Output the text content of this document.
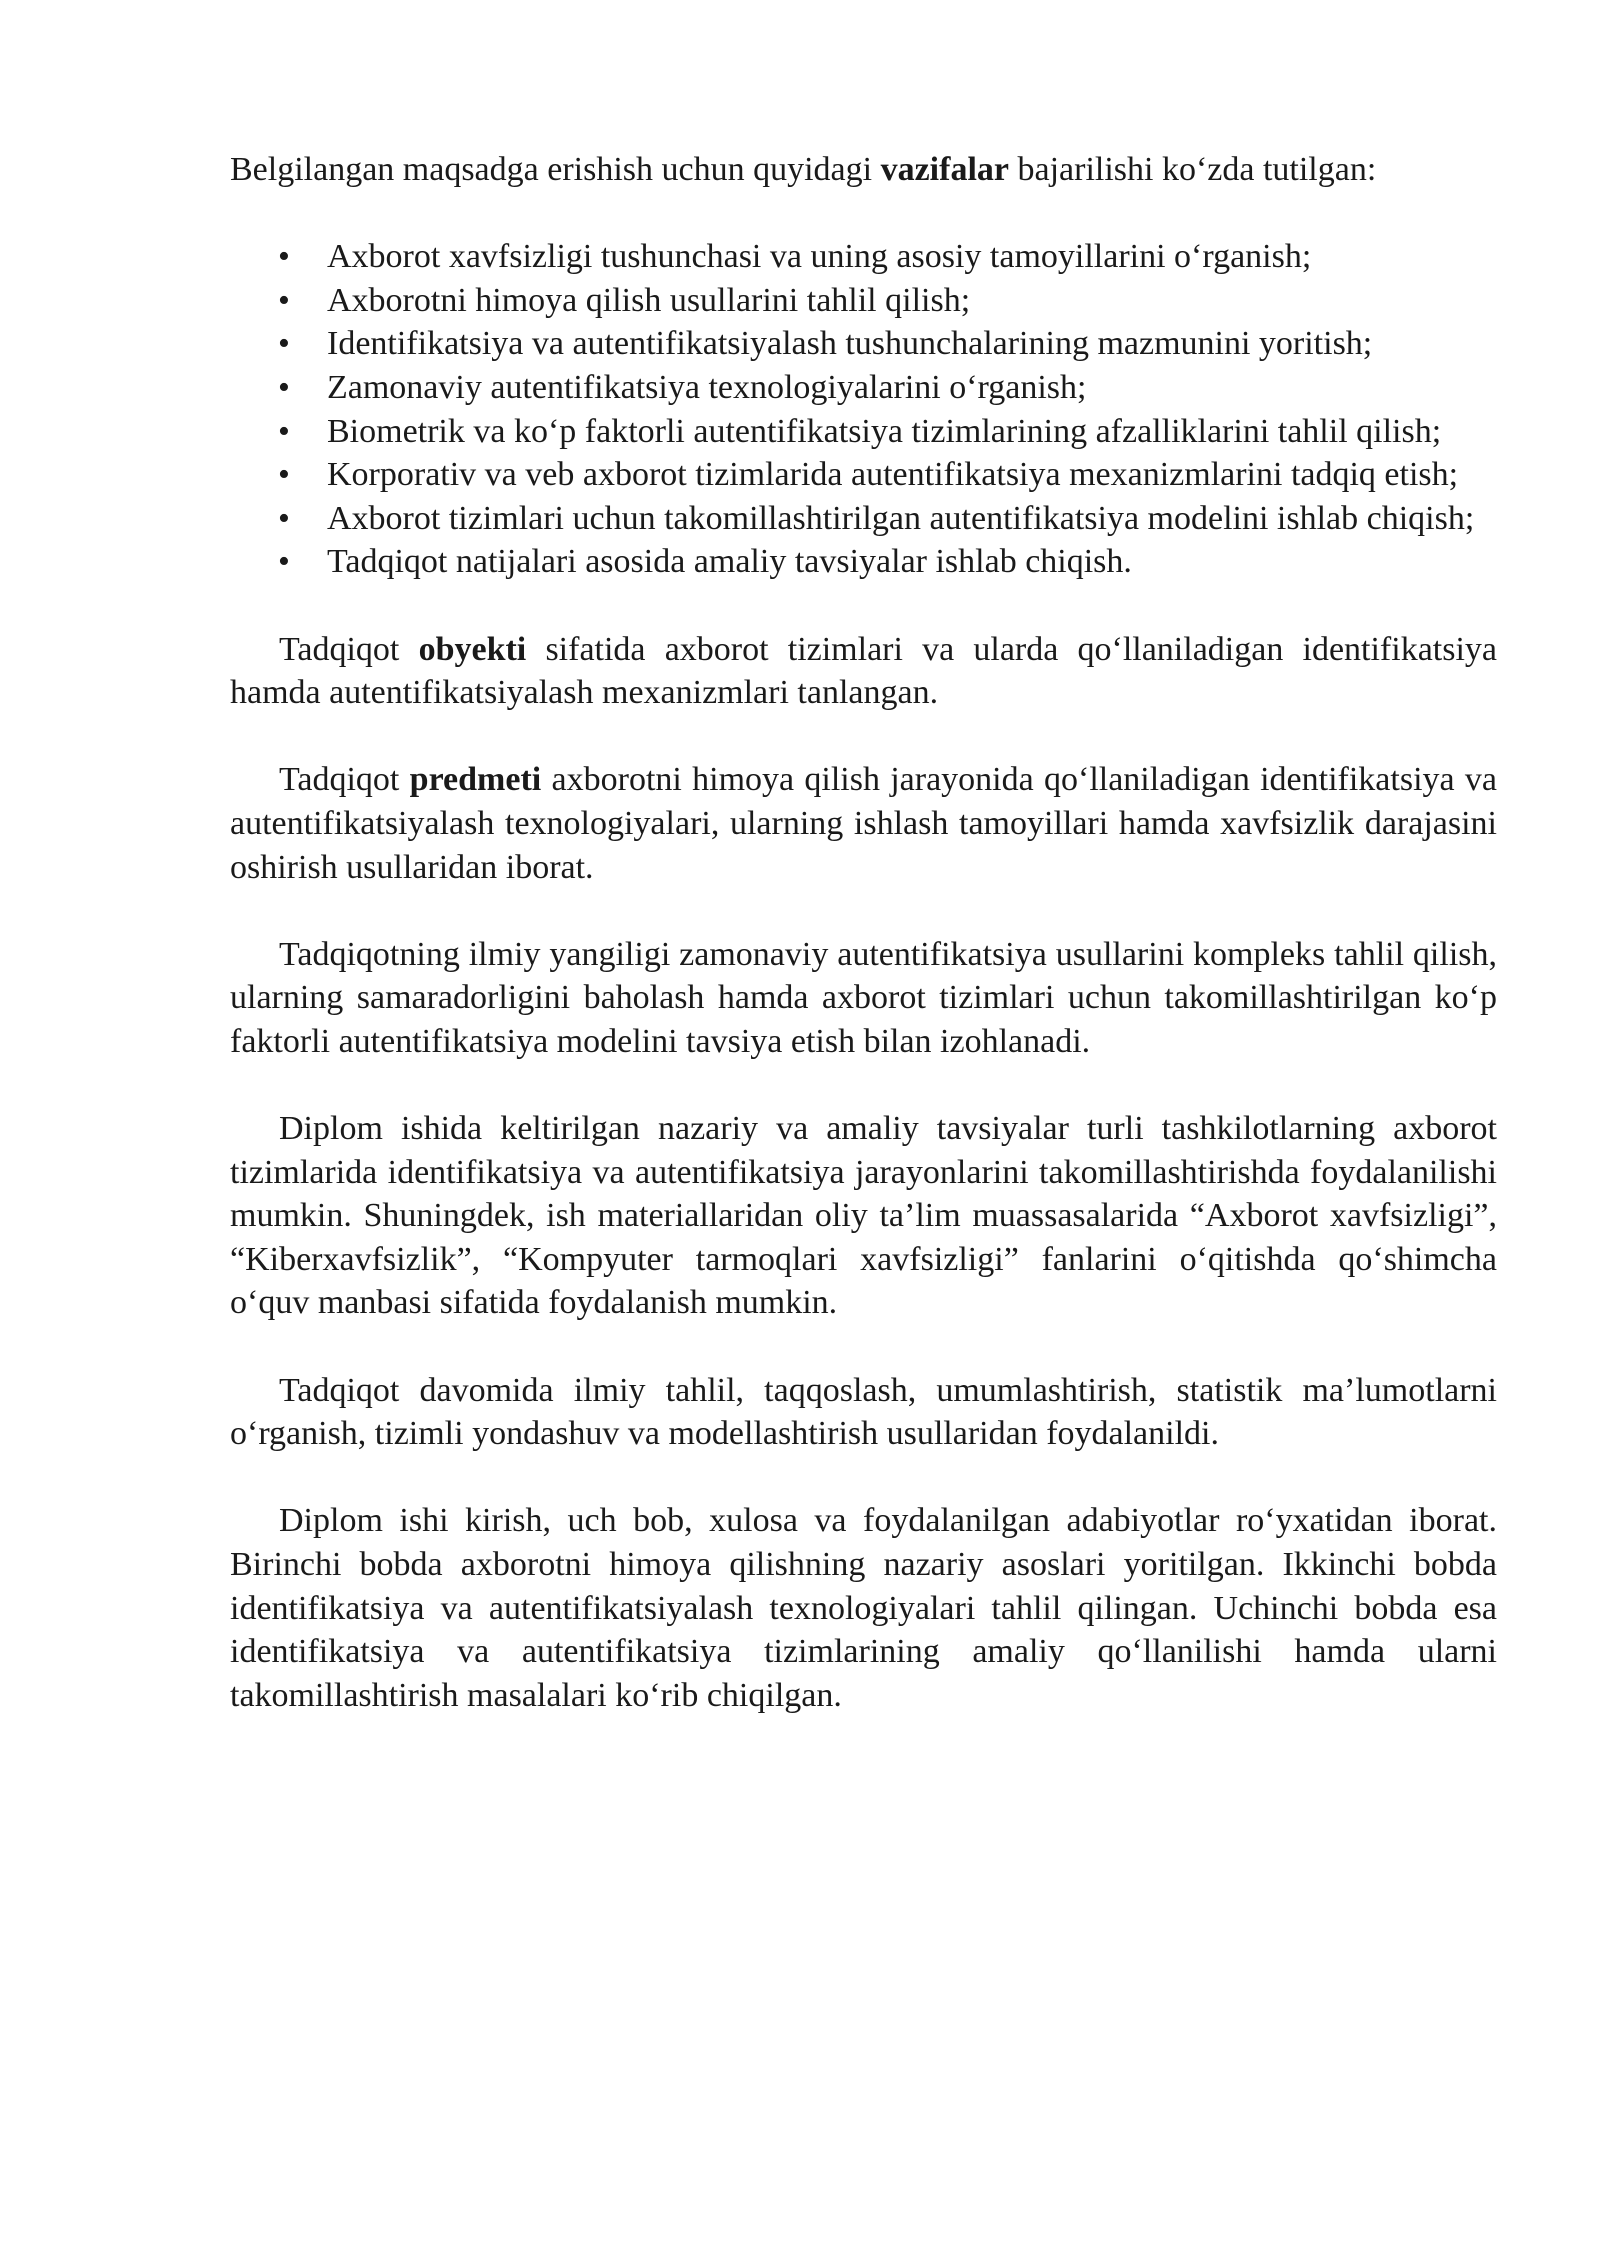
Belgilangan maqsadga erishish uchun quyidagi vazifalar bajarilishi ko‘zda tutilgan:

• Axborot xavfsizligi tushunchasi va uning asosiy tamoyillarini o‘rganish;
• Axborotni himoya qilish usullarini tahlil qilish;
• Identifikatsiya va autentifikatsiyalash tushunchalarining mazmunini yoritish;
• Zamonaviy autentifikatsiya texnologiyalarini o‘rganish;
• Biometrik va ko‘p faktorli autentifikatsiya tizimlarining afzalliklarini tahlil qilish;
• Korporativ va veb axborot tizimlarida autentifikatsiya mexanizmlarini tadqiq etish;
• Axborot tizimlari uchun takomillashtirilgan autentifikatsiya modelini ishlab chiqish;
• Tadqiqot natijalari asosida amaliy tavsiyalar ishlab chiqish.

Tadqiqot obyekti sifatida axborot tizimlari va ularda qo‘llaniladigan identifikatsiya hamda autentifikatsiyalash mexanizmlari tanlangan.

Tadqiqot predmeti axborotni himoya qilish jarayonida qo‘llaniladigan identifikatsiya va autentifikatsiyalash texnologiyalari, ularning ishlash tamoyillari hamda xavfsizlik darajasini oshirish usullaridan iborat.

Tadqiqotning ilmiy yangiligi zamonaviy autentifikatsiya usullarini kompleks tahlil qilish, ularning samaradorligini baholash hamda axborot tizimlari uchun takomillashtirilgan ko‘p faktorli autentifikatsiya modelini tavsiya etish bilan izohlanadi.

Diplom ishida keltirilgan nazariy va amaliy tavsiyalar turli tashkilotlarning axborot tizimlarida identifikatsiya va autentifikatsiya jarayonlarini takomillashtirishda foydalanilishi mumkin. Shuningdek, ish materiallaridan oliy ta’lim muassasalarida “Axborot xavfsizligi”, “Kiberxavfsizlik”, “Kompyuter tarmoqlari xavfsizligi” fanlarini o‘qitishda qo‘shimcha o‘quv manbasi sifatida foydalanish mumkin.

Tadqiqot davomida ilmiy tahlil, taqqoslash, umumlashtirish, statistik ma’lumotlarni o‘rganish, tizimli yondashuv va modellashtirish usullaridan foydalanildi.

Diplom ishi kirish, uch bob, xulosa va foydalanilgan adabiyotlar ro‘yxatidan iborat. Birinchi bobda axborotni himoya qilishning nazariy asoslari yoritilgan. Ikkinchi bobda identifikatsiya va autentifikatsiyalash texnologiyalari tahlil qilingan. Uchinchi bobda esa identifikatsiya va autentifikatsiya tizimlarining amaliy qo‘llanilishi hamda ularni takomillashtirish masalalari ko‘rib chiqilgan.
